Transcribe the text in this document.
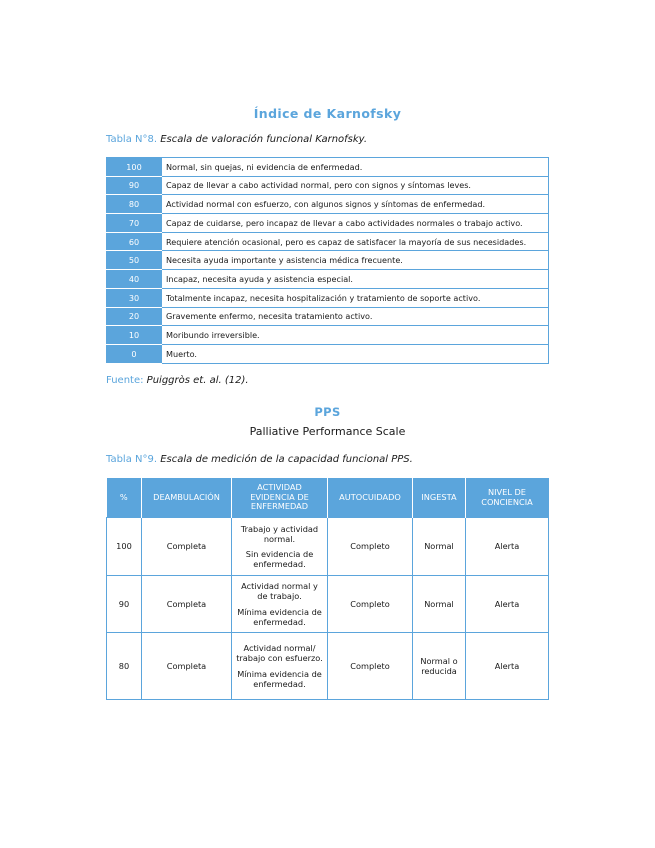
Índice de Karnofsky
Tabla N°8. Escala de valoración funcional Karnofsky.
100	Normal, sin quejas, ni evidencia de enfermedad.
90	Capaz de llevar a cabo actividad normal, pero con signos y síntomas leves.
80	Actividad normal con esfuerzo, con algunos signos y síntomas de enfermedad.
70	Capaz de cuidarse, pero incapaz de llevar a cabo actividades normales o trabajo activo.
60	Requiere atención ocasional, pero es capaz de satisfacer la mayoría de sus necesidades.
50	Necesita ayuda importante y asistencia médica frecuente.
40	Incapaz, necesita ayuda y asistencia especial.
30	Totalmente incapaz, necesita hospitalización y tratamiento de soporte activo.
20	Gravemente enfermo, necesita tratamiento activo.
10	Moribundo irreversible.
0	Muerto.
Fuente: Puiggròs et. al. (12).
PPS
Palliative Performance Scale
Tabla N°9. Escala de medición de la capacidad funcional PPS.
%	DEAMBULACIÓN	ACTIVIDAD EVIDENCIA DE ENFERMEDAD	AUTOCUIDADO	INGESTA	NIVEL DE CONCIENCIA
100	Completa	Trabajo y actividad normal.

Sin evidencia de enfermedad.	Completo	Normal	Alerta
90	Completa	Actividad normal y de trabajo.

Mínima evidencia de enfermedad.	Completo	Normal	Alerta
80	Completa	Actividad normal/ trabajo con esfuerzo.

Mínima evidencia de enfermedad.	Completo	Normal o reducida	Alerta
